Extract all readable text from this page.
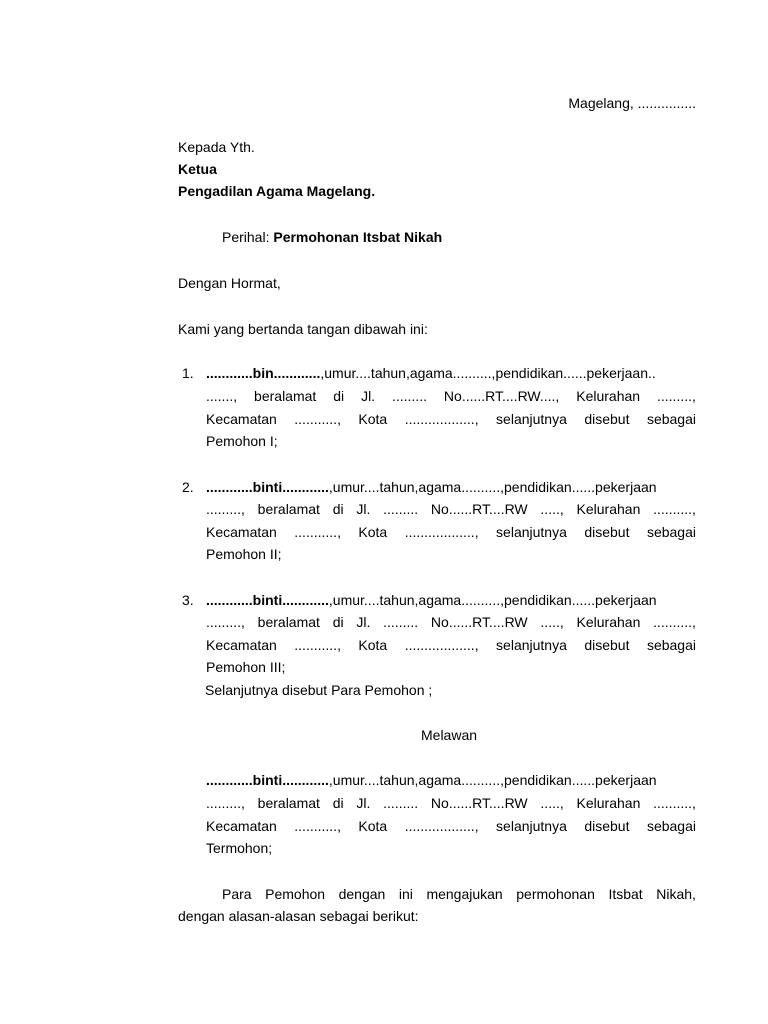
Magelang, ...............
Kepada Yth.
Ketua
Pengadilan Agama Magelang.
Perihal: Permohonan Itsbat Nikah
Dengan Hormat,
Kami yang bertanda tangan dibawah ini:
1. ............bin............,umur....tahun,agama..........,pendidikan......pekerjaan..
......., beralamat di Jl. ......... No......RT....RW...., Kelurahan .........,
Kecamatan ..........., Kota .................., selanjutnya disebut sebagai
Pemohon I;
2. ............binti............,umur....tahun,agama..........,pendidikan......pekerjaan
........., beralamat di Jl. ......... No......RT....RW ....., Kelurahan ..........,
Kecamatan ..........., Kota .................., selanjutnya disebut sebagai
Pemohon II;
3. ............binti............,umur....tahun,agama..........,pendidikan......pekerjaan
........., beralamat di Jl. ......... No......RT....RW ....., Kelurahan ..........,
Kecamatan ..........., Kota .................., selanjutnya disebut sebagai
Pemohon III;
Selanjutnya disebut Para Pemohon ;
Melawan
............binti............,umur....tahun,agama..........,pendidikan......pekerjaan
........., beralamat di Jl. ......... No......RT....RW ....., Kelurahan ..........,
Kecamatan ..........., Kota .................., selanjutnya disebut sebagai
Termohon;
Para Pemohon dengan ini mengajukan permohonan Itsbat Nikah,
dengan alasan-alasan sebagai berikut:
